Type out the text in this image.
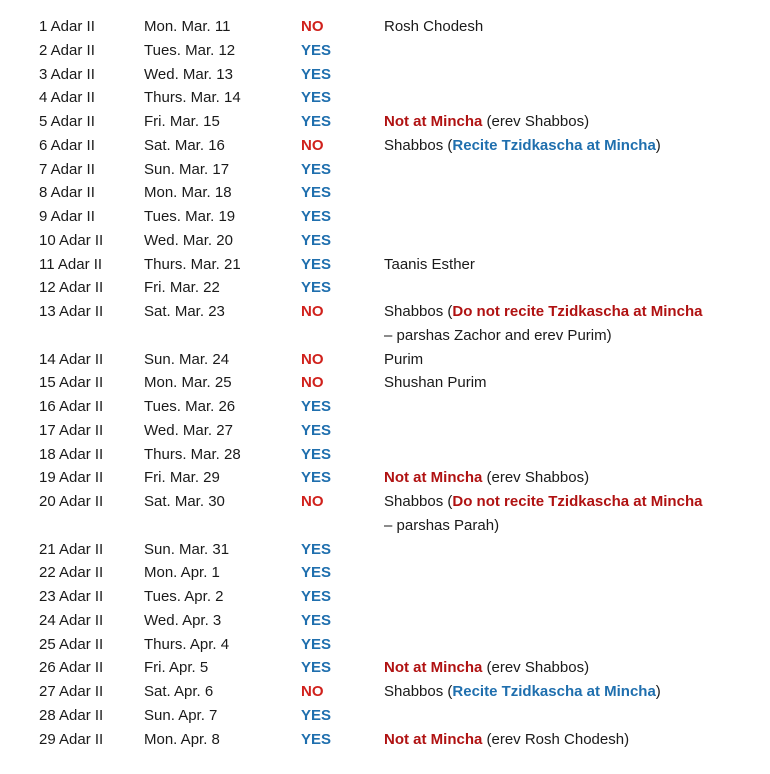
1 Adar II	Mon. Mar. 11	NO	Rosh Chodesh
2 Adar II	Tues. Mar. 12	YES
3 Adar II	Wed. Mar. 13	YES
4 Adar II	Thurs. Mar. 14	YES
5 Adar II	Fri. Mar. 15	YES	Not at Mincha (erev Shabbos)
6 Adar II	Sat. Mar. 16	NO	Shabbos (Recite Tzidkascha at Mincha)
7 Adar II	Sun. Mar. 17	YES
8 Adar II	Mon. Mar. 18	YES
9 Adar II	Tues. Mar. 19	YES
10 Adar II	Wed. Mar. 20	YES
11 Adar II	Thurs. Mar. 21	YES	Taanis Esther
12 Adar II	Fri. Mar. 22	YES
13 Adar II	Sat. Mar. 23	NO	Shabbos (Do not recite Tzidkascha at Mincha
– parshas Zachor and erev Purim)
14 Adar II	Sun. Mar. 24	NO	Purim
15 Adar II	Mon. Mar. 25	NO	Shushan Purim
16 Adar II	Tues. Mar. 26	YES
17 Adar II	Wed. Mar. 27	YES
18 Adar II	Thurs. Mar. 28	YES
19 Adar II	Fri. Mar. 29	YES	Not at Mincha (erev Shabbos)
20 Adar II	Sat. Mar. 30	NO	Shabbos (Do not recite Tzidkascha at Mincha
– parshas Parah)
21 Adar II	Sun. Mar. 31	YES
22 Adar II	Mon. Apr. 1	YES
23 Adar II	Tues. Apr. 2	YES
24 Adar II	Wed. Apr. 3	YES
25 Adar II	Thurs. Apr. 4	YES
26 Adar II	Fri. Apr. 5	YES	Not at Mincha (erev Shabbos)
27 Adar II	Sat. Apr. 6	NO	Shabbos (Recite Tzidkascha at Mincha)
28 Adar II	Sun. Apr. 7	YES
29 Adar II	Mon. Apr. 8	YES	Not at Mincha (erev Rosh Chodesh)
